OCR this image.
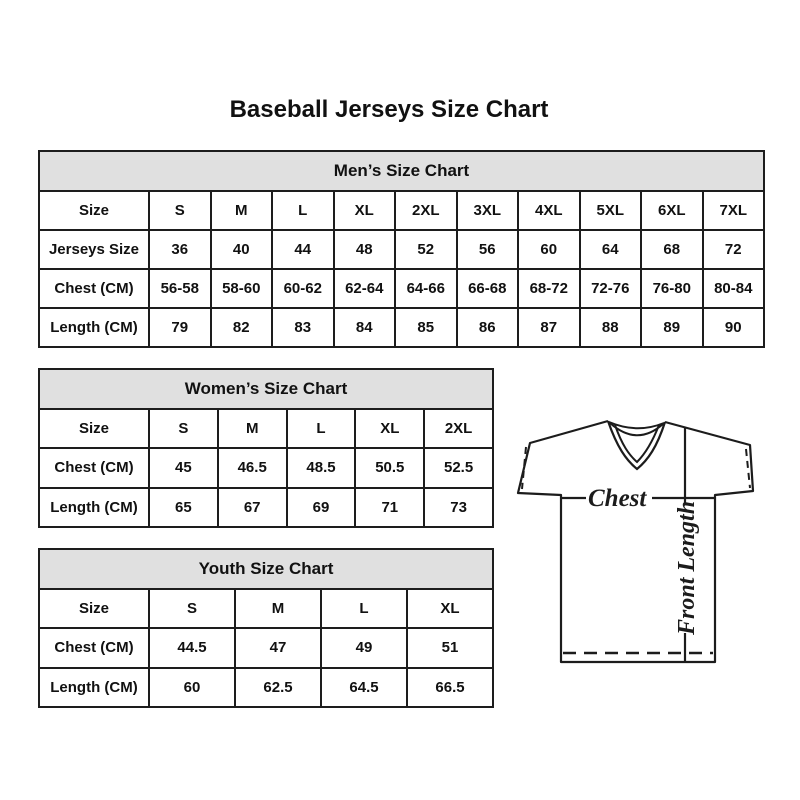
Baseball Jerseys Size Chart
Men’s Size Chart										
Size	S	M	L	XL	2XL	3XL	4XL	5XL	6XL	7XL
Jerseys Size	36	40	44	48	52	56	60	64	68	72
Chest (CM)	56-58	58-60	60-62	62-64	64-66	66-68	68-72	72-76	76-80	80-84
Length (CM)	79	82	83	84	85	86	87	88	89	90
Women’s Size Chart					
Size	S	M	L	XL	2XL
Chest (CM)	45	46.5	48.5	50.5	52.5
Length (CM)	65	67	69	71	73
Youth Size Chart				
Size	S	M	L	XL
Chest (CM)	44.5	47	49	51
Length (CM)	60	62.5	64.5	66.5
Chest
Front Length
